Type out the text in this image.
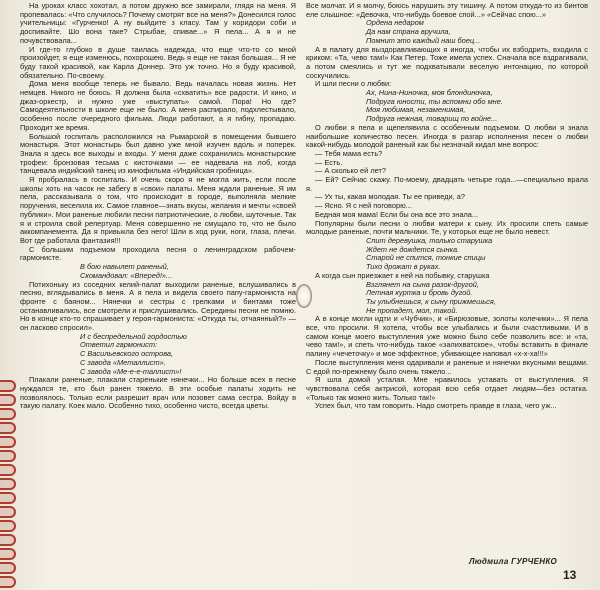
На уроках класс хохотал, а потом дружно все замирали, глядя на меня. Я пропевалась: «Что случилось? Почему смотрят все на меня?» Донесился голос учительницы: «Гурченко! А ну выйдите з класу. Там у коридори соби и доспивайте. Шо вона таке? Стрыбае, спивае...» Я пела... А я и не почувствовала...

И где-то глубоко в душе таилась надежда, что еще что-то со мной произойдет, я еще изменюсь, похорошею. Ведь я еще не такая большая... Я не буду такой красивой, как Карла Доннер. Это уж точно. Но я буду красивой, обязательно. По-своему.

Дома меня вообще теперь не бывало. Ведь началась новая жизнь. Нет немцев. Никого не боюсь. Я должна была «схватить» все радости. И кино, и джаз-оркестр, и нужно уже «выступать» самой. Пора! Но где? Самодеятельности в школе еще не было. А меня распирало, подхлестывало, особенно после очередного фильма. Люди работают, а я гибну, пропадаю. Проходит же время.

Большой госпиталь расположился на Рымарской в помещении бывшего монастыря. Этот монастырь был давно уже мной изучен вдоль и поперек. Знала я здесь все выходы и входы. У меня даже сохранились монастырские трофеи: бронзовая тесьма с кисточками — ее надевала на лоб, когда танцевала индийский танец из кинофильма «Индийская гробница».

Я пробралась в госпиталь. И очень скоро я не могла жить, если после школы хоть на часок не забегу в «свои» палаты. Меня ждали раненые. Я им пела, рассказывала о том, что происходит в городе, выполняла мелкие поручения, веселила их. Самое главное—знать вкусы, желания и мечты «своей публики». Мои раненые любили песни патриотические, о любви, шуточные. Так я и строила свой репертуар. Меня совершенно не смущало то, что не было аккомпанемента. Да я привыкла без него! Шли в ход руки, ноги, глаза, плечи. Вот где работала фантазия!!!

С большим подъемом проходила песня о ленинградском рабочем-гармонисте.

В бою навылет раненый,

Скомандовал: «Вперед!»...

Потихоньку из соседних келий-палат выходили раненые, вслушивались в песню, вглядывались в меня. А я пела и видела своего папу-гармониста на фронте с баяном... Нянечки и сестры с грелками и бинтами тоже останавливались, все смотрели и прислушивались. Середины песни не помню. Но в конце кто-то спрашивает у героя-гармониста: «Откуда ты, отчаянный?» — он ласково спросил».

И с беспредельной гордостью

Ответил гармонист:

С Васильевского острова,

С завода «Металлист».

С завода «Ме-е-е-таллист»!

Плакали раненые, плакали старенькие нянечки... Но больше всех в песне нуждался те, кто был ранен тяжело. В эти особые палаты ходить не позволялось. Только если разрешит врач или позовет сама сестра. Войду в такую палату. Коек мало. Особенно тихо, особенно чисто, всегда цветы.

Все молчат. И я молчу, боюсь нарушить эту тишину. А потом откуда-то из бинтов еле слышное: «Девочка, что-нибудь боевое спой...» «Сейчас спою...»

Ордена недаром

Да нам страна вручила,

Помнит это каждый наш боец...

А в палату для выздоравливающих я иногда, чтобы их взбодрить, входила с криком: «Та, чево там!» Как Петер. Тоже имела успех. Сначала все вздрагивали, а потом смеялись и тут же подхватывали веселую интонацию, по которой соскучились.

И шли песни о любви:

Ах, Нина-Ниночка, моя блондиночка,

Подруга юности, ты вспомни обо мне.

Моя любимая, незаменимая,

Подруга нежная, товарищ по войне...

О любви я пела и щепелявила с особенным подъемом. О любви я знала наибольшие количество песен. Иногда в разгар исполнения песен о любви какой-нибудь молодой раненый как бы незначай кидал мне вопрос:

— Тебя мама есть?

— Есть.

— А сколько ей лет?

— Ей? Сейчас скажу. По-моему, двадцать четыре года...—специально врала я.

— Ух ты, какая молодая. Ты ее приведи, а?

— Ясно. Я с ней поговорю...

Бедная моя мама! Если бы она все это знала...

Популярны были песни о любви матери к сыну. Их просили спеть самые молодые раненые, почти мальчики. Те, у которых еще не было невест.

Спит деревушка, только старушка

Ждет не дождется сынка.

Старой не спится, тонкие спицы

Тихо дрожат в руках.

А когда сын приезжает к ней на побывку, старушка

Взглянет на сына разок-другой,

Летная куртка и бровь дугой.

Ты улыбнешься, к сыну прижмешься,

Не пропадет, мол, такой.

А в конце могли идти и «Чубчик», и «Бирюзовые, золоты колечики»... Я пела все, что просили. Я хотела, чтобы все улыбались и были счастливыми. И в самом конце моего выступления уже можно было себе позволить все: и «та, чево там!», и спеть что-нибудь такое «залихватское», чтобы вставить в финале палину «чечеточку» и мое эффектное, убивающее наповал «х-х-ха!!!»

После выступления меня одаривали и раненые и нянечки вкусными вещами. С едой по-прежнему было очень тяжело...

Я шла домой усталая. Мне нравилось уставать от выступления. Я чувствовала себя актрисой, которая всю себя отдает людям—без остатка. «Только так можно жить. Только так!»

Успех был, что там говорить. Надо смотреть правде в глаза, чего уж...

Людмила ГУРЧЕНКО
13
